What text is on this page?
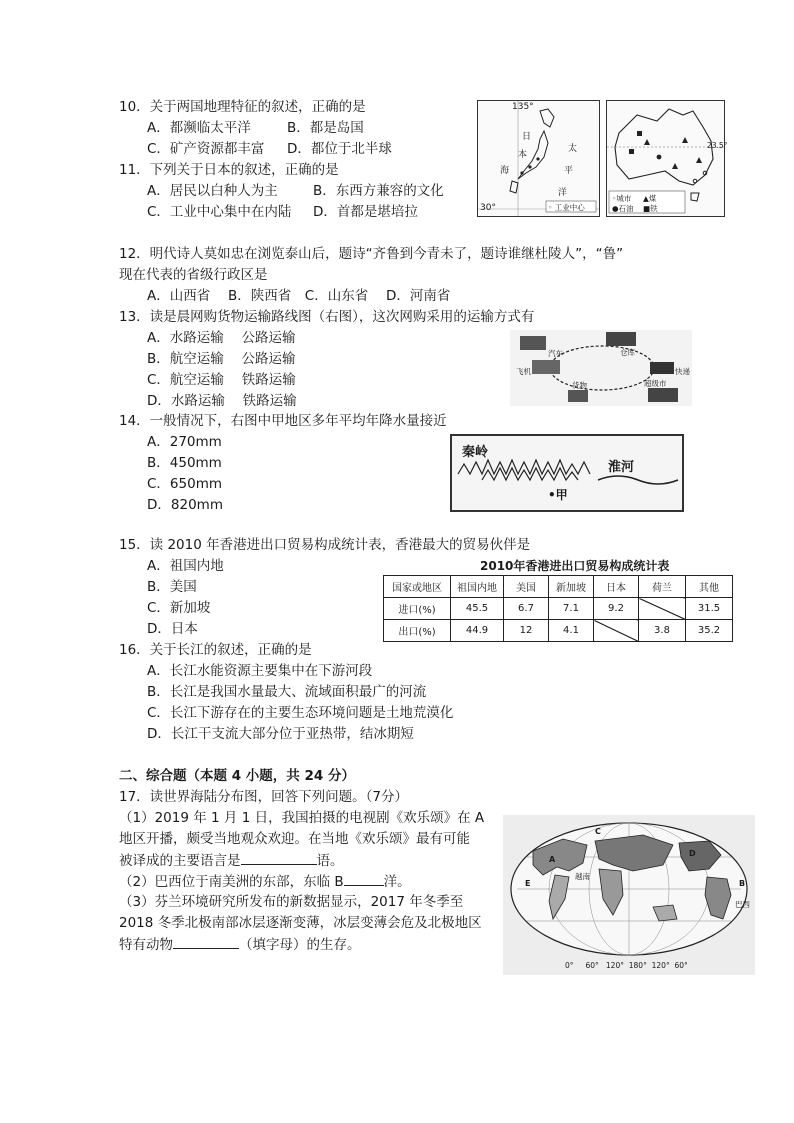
10．关于两国地理特征的叙述，正确的是
A．都濒临太平洋	B．都是岛国
C．矿产资源都丰富 D．都位于北半球
11．下列关于日本的叙述，正确的是
A．居民以白种人为主	B．东西方兼容的文化
C．工业中心集中在内陆 D．首都是堪培拉
135°
30°
日
本
太
海	平
洋
◦ 工业中心
23.5°
◦城市 ▲煤
●石油 ■铁
12．明代诗人莫如忠在浏览泰山后，题诗“齐鲁到今青未了，题诗谁继杜陵人”，“鲁”
现在代表的省级行政区是
A．山西省　 B．陕西省　C．山东省　 D．河南省
13．读是晨网购货物运输路线图（右图），这次网购采用的运输方式有
A．水路运输　 公路运输
B．航空运输　 公路运输
C．航空运输　 铁路运输
D．水路运输　 铁路运输
汽车	仓库
飞机	快递
货物	超级市
14．一般情况下，右图中甲地区多年平均年降水量接近
A．270mm
B．450mm
C．650mm
D．820mm
秦岭
淮河
•甲
15．读 2010 年香港进出口贸易构成统计表，香港最大的贸易伙伴是
A．祖国内地
B．美国
C．新加坡
D．日本
2010年香港进出口贸易构成统计表
国家或地区	祖国内地	美国	新加坡	日本	荷兰	其他
进口(%)	45.5	6.7	7.1	9.2		31.5
出口(%)	44.9	12	4.1		3.8	35.2
16．关于长江的叙述，正确的是
A．长江水能资源主要集中在下游河段
B．长江是我国水量最大、流域面积最广的河流
C．长江下游存在的主要生态环境问题是土地荒漠化
D．长江干支流大部分位于亚热带，结冰期短
二、综合题（本题 4 小题，共 24 分）
17．读世界海陆分布图，回答下列问题。（7分）
（1）2019 年 1 月 1 日，我国拍摄的电视剧《欢乐颂》在 A
地区开播，颇受当地观众欢迎。在当地《欢乐颂》最有可能
被译成的主要语言是	语。
（2）巴西位于南美洲的东部，东临 B	洋。
（3）芬兰环境研究所发布的新数据显示，2017 年冬季至
2018 冬季北极南部冰层逐渐变薄，冰层变薄会危及北极地区
特有动物	（填字母）的生存。
C
A
D
E	B
越南
巴西
0° 60° 120° 180° 120° 60°
